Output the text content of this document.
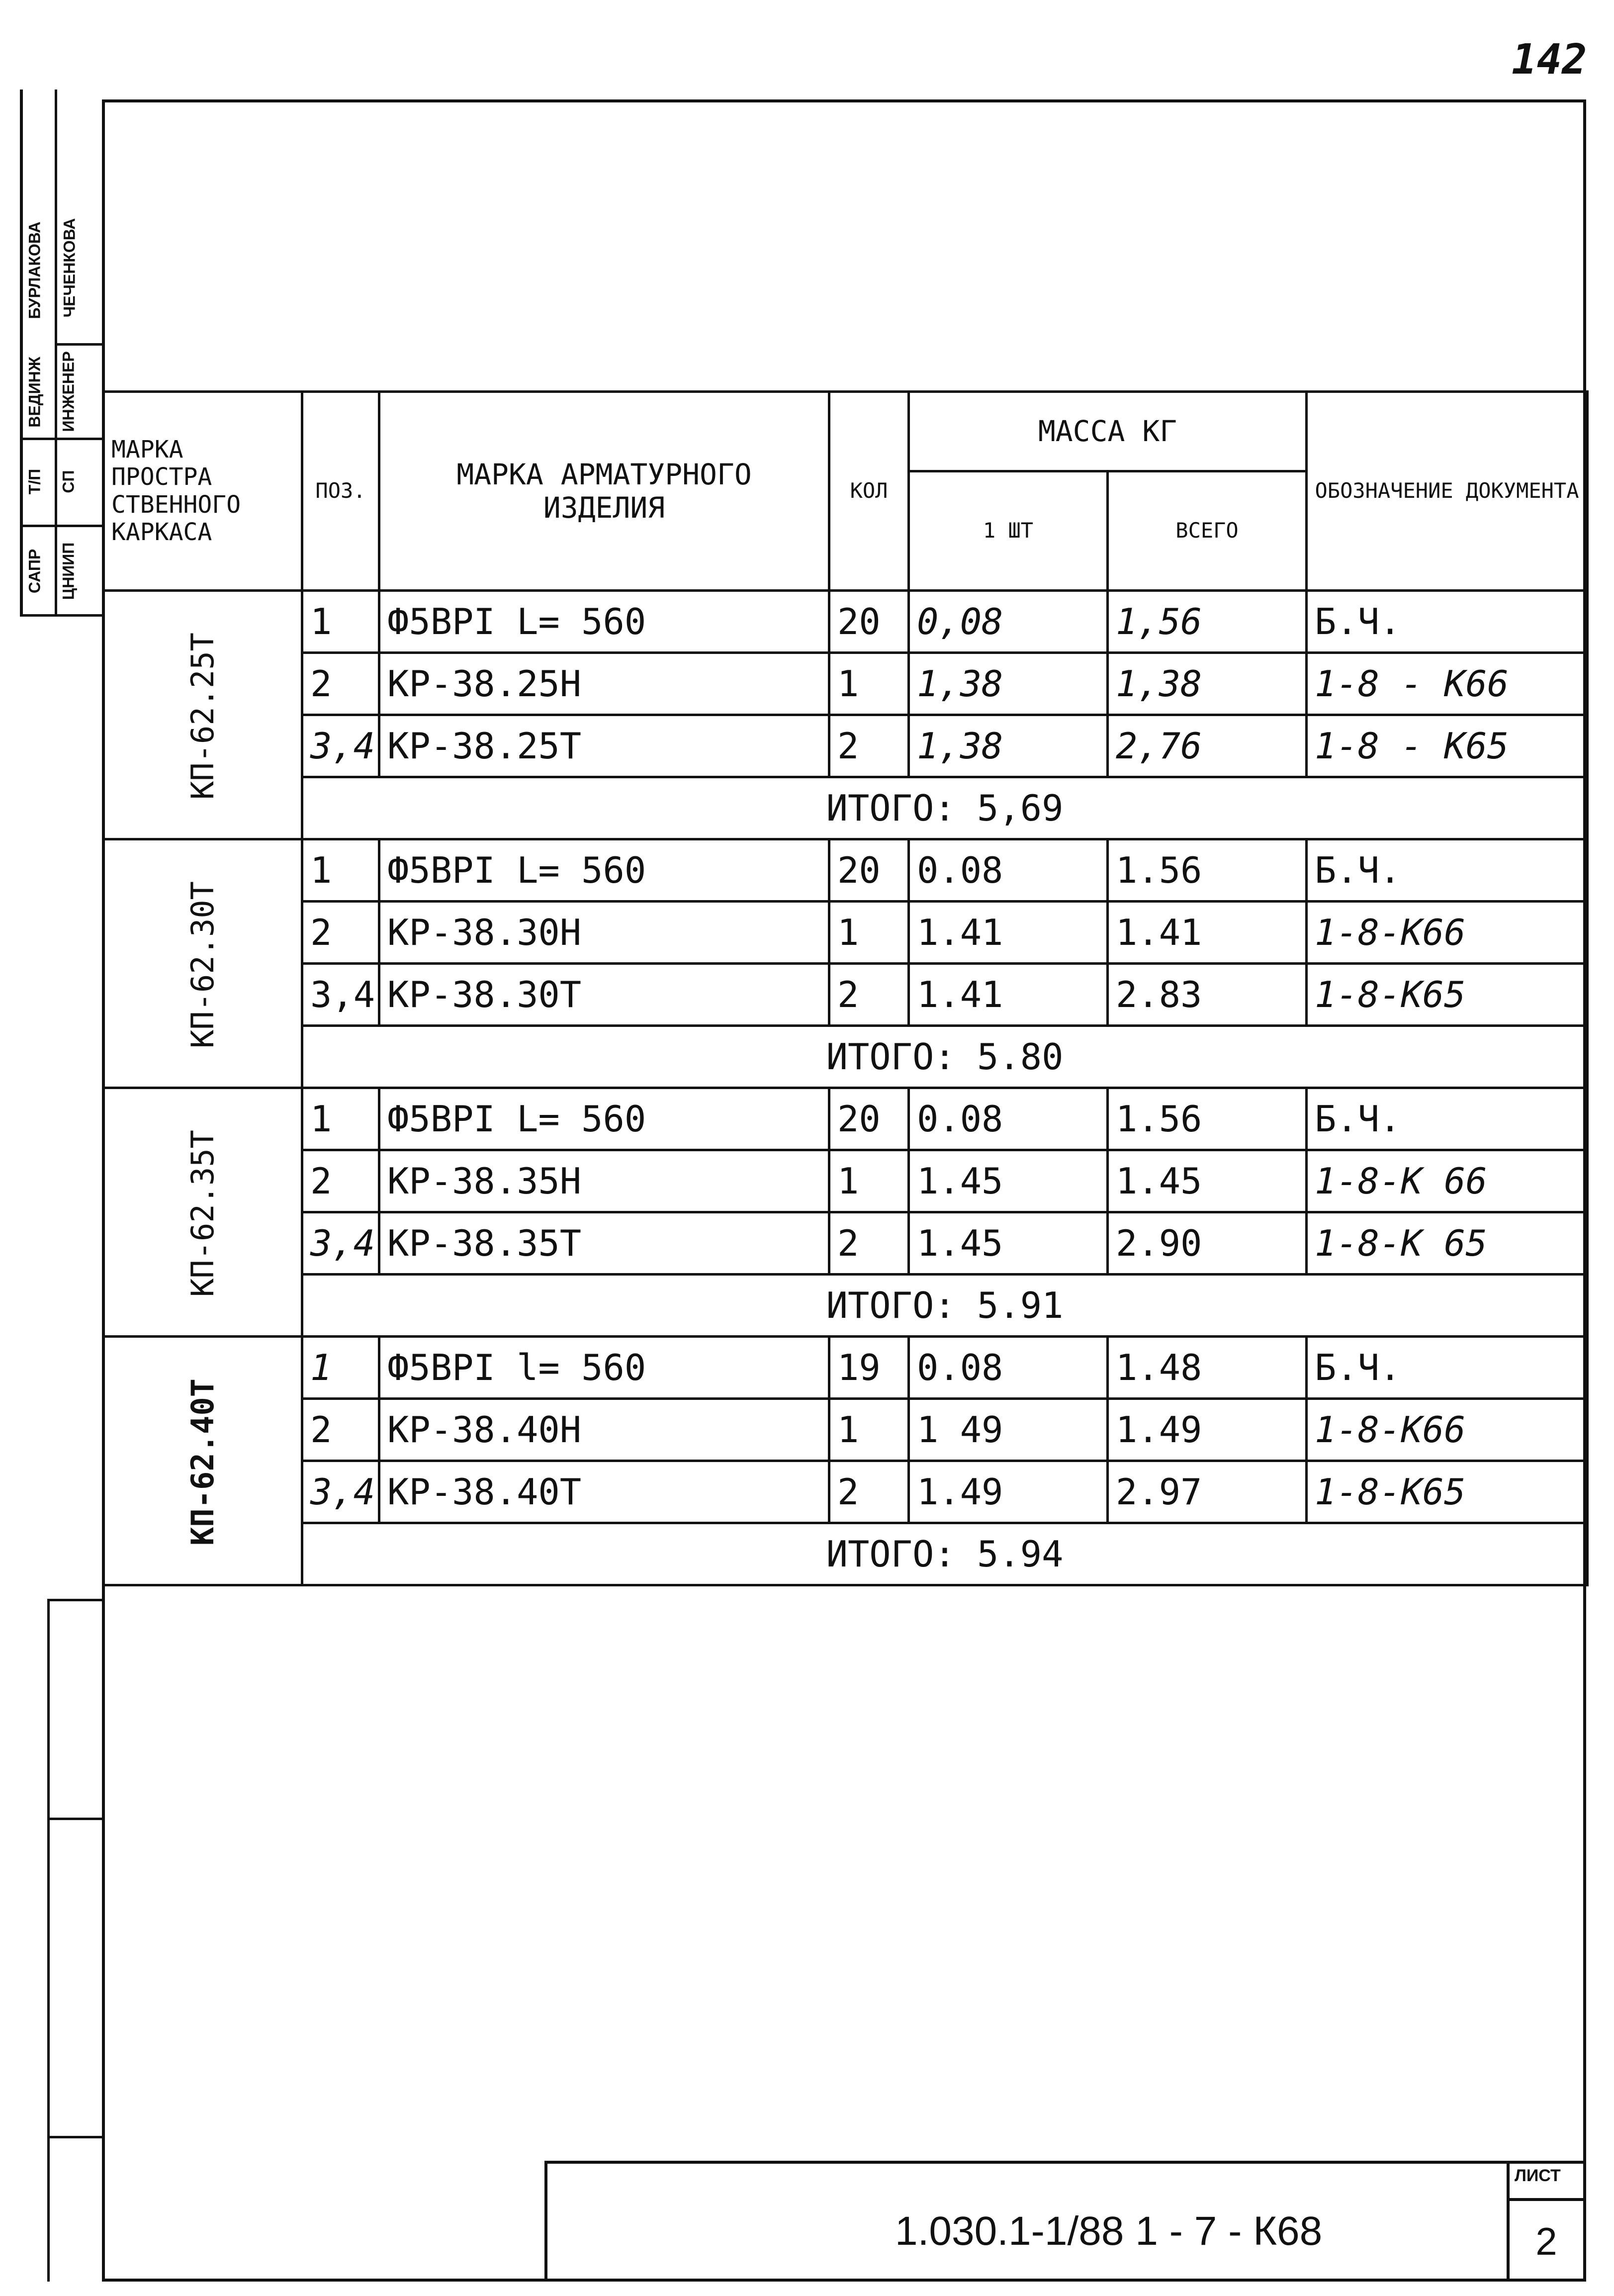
142
САПР
Т/П
ВЕДИНЖ
БУРЛАКОВА
ЦНИИП
СП
ИНЖЕНЕР
ЧЕЧЕНКОВА
МАРКА ПРОСТРА СТВЕННОГО КАРКАСА	ПОЗ.	МАРКА АРМАТУРНОГО ИЗДЕЛИЯ	КОЛ	МАССА КГ		ОБОЗНАЧЕНИЕ ДОКУМЕНТА
				1 ШТ	ВСЕГО	
КП-62.25Т	1	Ф5ВРI L= 560	20	0,08	1,56	Б.Ч.
	2	КР-38.25Н	1	1,38	1,38	1-8 - К66
	3,4	КР-38.25Т	2	1,38	2,76	1-8 - К65
	ИТОГО: 5,69					
КП-62.30Т	1	Ф5ВРI L= 560	20	0.08	1.56	Б.Ч.
	2	КР-38.30Н	1	1.41	1.41	1-8-К66
	3,4	КР-38.30Т	2	1.41	2.83	1-8-К65
	ИТОГО: 5.80					
КП-62.35Т	1	Ф5ВРI L= 560	20	0.08	1.56	Б.Ч.
	2	КР-38.35Н	1	1.45	1.45	1-8-К 66
	3,4	КР-38.35Т	2	1.45	2.90	1-8-К 65
	ИТОГО: 5.91					
КП-62.40Т	1	Ф5ВРI l= 560	19	0.08	1.48	Б.Ч.
	2	КР-38.40Н	1	1 49	1.49	1-8-К66
	3,4	КР-38.40Т	2	1.49	2.97	1-8-К65
	ИТОГО: 5.94					
1.030.1-1/88 1 - 7 - К68
ЛИСТ
2
